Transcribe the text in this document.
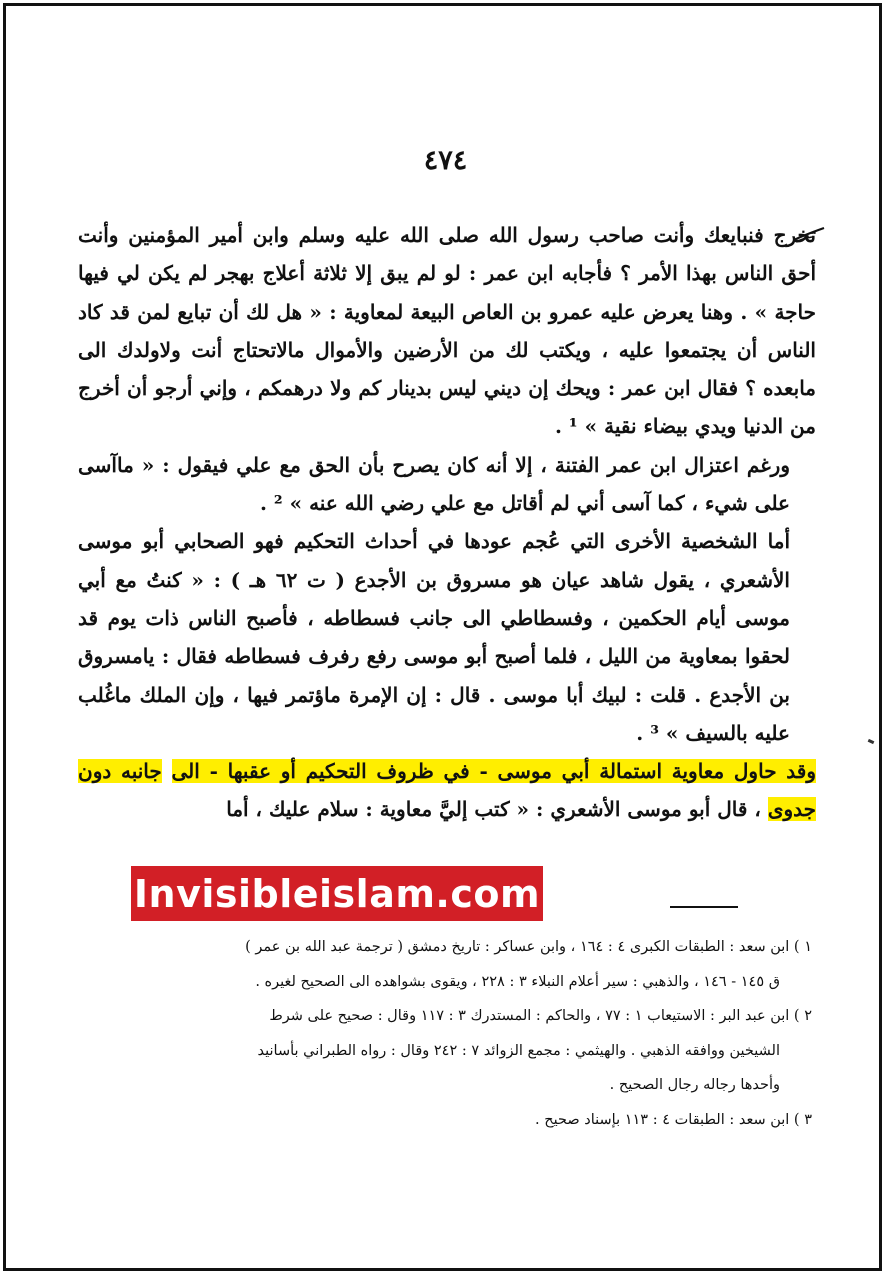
٤٧٤

تخرج فنبايعك وأنت صاحب رسول الله صلى الله عليه وسلم وابن أمير المؤمنين وأنت أحق الناس بهذا الأمر ؟ فأجابه ابن عمر : لو لم يبق إلا ثلاثة أعلاج بهجر لم يكن لي فيها حاجة » . وهنا يعرض عليه عمرو بن العاص البيعة لمعاوية : « هل لك أن تبايع لمن قد كاد الناس أن يجتمعوا عليه ، ويكتب لك من الأرضين والأموال مالاتحتاج أنت ولاولدك الى مابعده ؟ فقال ابن عمر : ويحك إن ديني ليس بدينار كم ولا درهمكم ، وإني أرجو أن أخرج من الدنيا ويدي بيضاء نقية » ¹ .

ورغم اعتزال ابن عمر الفتنة ، إلا أنه كان يصرح بأن الحق مع علي فيقول : « ماآسى على شيء ، كما آسى أني لم أقاتل مع علي رضي الله عنه » ² .

أما الشخصية الأخرى التي عُجم عودها في أحداث التحكيم فهو الصحابي أبو موسى الأشعري ، يقول شاهد عيان هو مسروق بن الأجدع ( ت ٦٢ هـ ) : « كنتُ مع أبي موسى أيام الحكمين ، وفسطاطي الى جانب فسطاطه ، فأصبح الناس ذات يوم قد لحقوا بمعاوية من الليل ، فلما أصبح أبو موسى رفع رفرف فسطاطه فقال : يامسروق بن الأجدع . قلت : لبيك أبا موسى . قال : إن الإمرة ماؤتمر فيها ، وإن الملك ماغُلب عليه بالسيف » ³ .

وقد حاول معاوية استمالة أبي موسى - في ظروف التحكيم أو عقبها - الى جانبه دون جدوى ، قال أبو موسى الأشعري : « كتب إليَّ معاوية : سلام عليك ، أما

Invisibleislam.com

١ ) ابن سعد : الطبقات الكبرى ٤ : ١٦٤ ، وابن عساكر : تاريخ دمشق ( ترجمة عبد الله بن عمر )

ق ١٤٥ - ١٤٦ ، والذهبي : سير أعلام النبلاء ٣ : ٢٢٨ ، ويقوى بشواهده الى الصحيح لغيره .

٢ ) ابن عبد البر : الاستيعاب ١ : ٧٧ ، والحاكم : المستدرك ٣ : ١١٧ وقال : صحيح على شرط

الشيخين ووافقه الذهبي . والهيثمي : مجمع الزوائد ٧ : ٢٤٢ وقال : رواه الطبراني بأسانيد

وأحدها رجاله رجال الصحيح .

٣ ) ابن سعد : الطبقات ٤ : ١١٣ بإسناد صحيح .
